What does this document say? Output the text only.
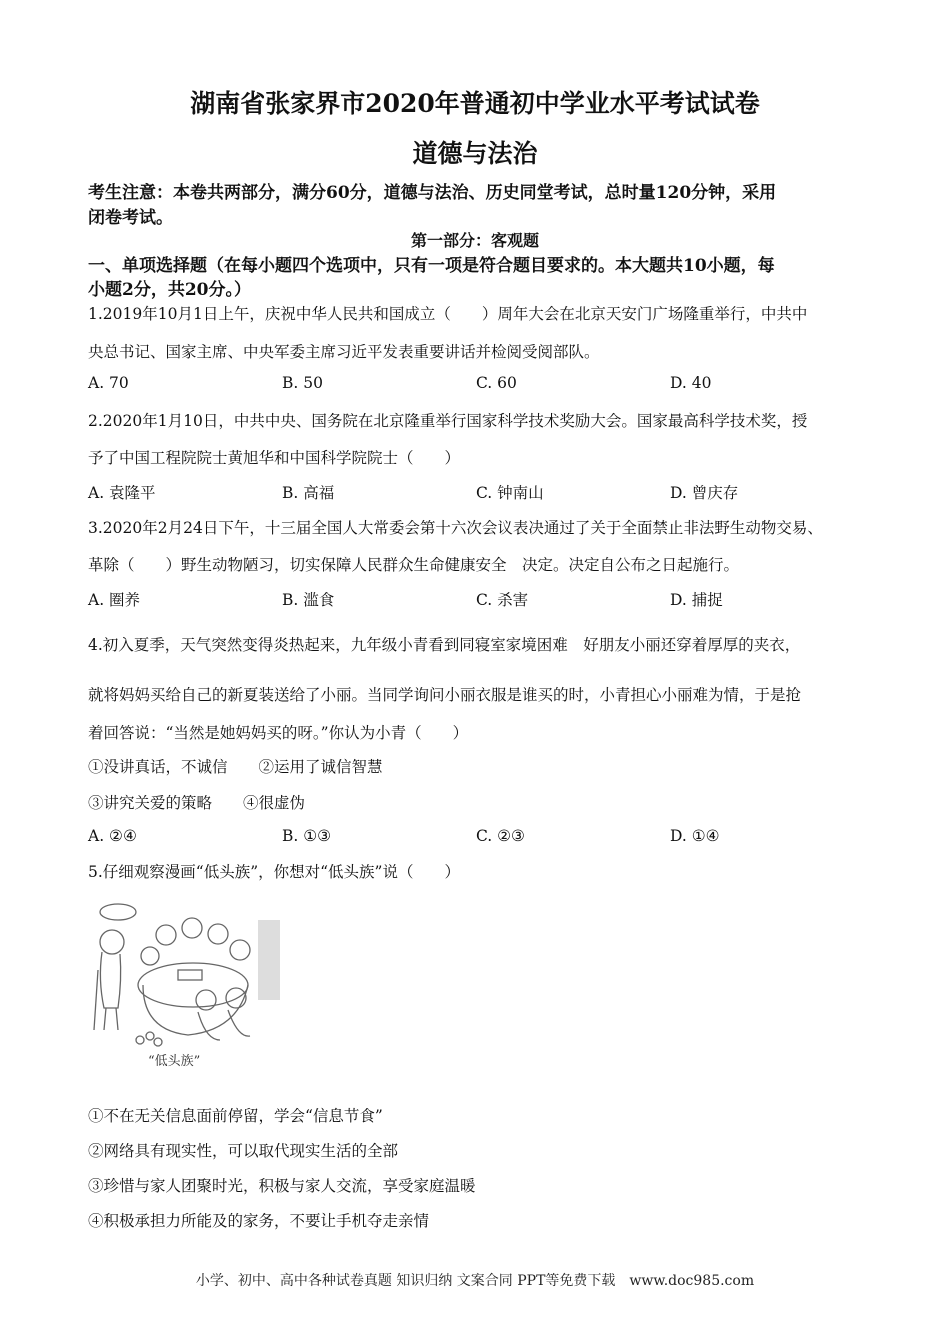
湖南省张家界市2020年普通初中学业水平考试试卷
道德与法治
考生注意：本卷共两部分，满分60分，道德与法治、历史同堂考试，总时量120分钟，采用
闭卷考试。
第一部分：客观题
一、单项选择题（在每小题四个选项中，只有一项是符合题目要求的。本大题共10小题，每
小题2分，共20分。）
1.2019年10月1日上午，庆祝中华人民共和国成立（　　）周年大会在北京天安门广场隆重举行，中共中
央总书记、国家主席、中央军委主席习近平发表重要讲话并检阅受阅部队。
A. 70	B. 50	C. 60	D. 40
2.2020年1月10日，中共中央、国务院在北京隆重举行国家科学技术奖励大会。国家最高科学技术奖，授
予了中国工程院院士黄旭华和中国科学院院士（　　）
A. 袁隆平	B. 高福	C. 钟南山	D. 曾庆存
3.2020年2月24日下午，十三届全国人大常委会第十六次会议表决通过了关于全面禁止非法野生动物交易、
革除（　　）野生动物陋习，切实保障人民群众生命健康安全　决定。决定自公布之日起施行。
A. 圈养	B. 滥食	C. 杀害	D. 捕捉
4.初入夏季，天气突然变得炎热起来，九年级小青看到同寝室家境困难　好朋友小丽还穿着厚厚的夹衣，
就将妈妈买给自己的新夏装送给了小丽。当同学询问小丽衣服是谁买的时，小青担心小丽难为情，于是抢
着回答说：“当然是她妈妈买的呀。”你认为小青（　　）
①没讲真话，不诚信　　②运用了诚信智慧
③讲究关爱的策略　　④很虚伪
A. ②④	B. ①③	C. ②③	D. ①④
5.仔细观察漫画“低头族”，你想对“低头族”说（　　）
“低头族”
①不在无关信息面前停留，学会“信息节食”
②网络具有现实性，可以取代现实生活的全部
③珍惜与家人团聚时光，积极与家人交流，享受家庭温暖
④积极承担力所能及的家务，不要让手机夺走亲情
小学、初中、高中各种试卷真题 知识归纳 文案合同 PPT等免费下载　www.doc985.com
